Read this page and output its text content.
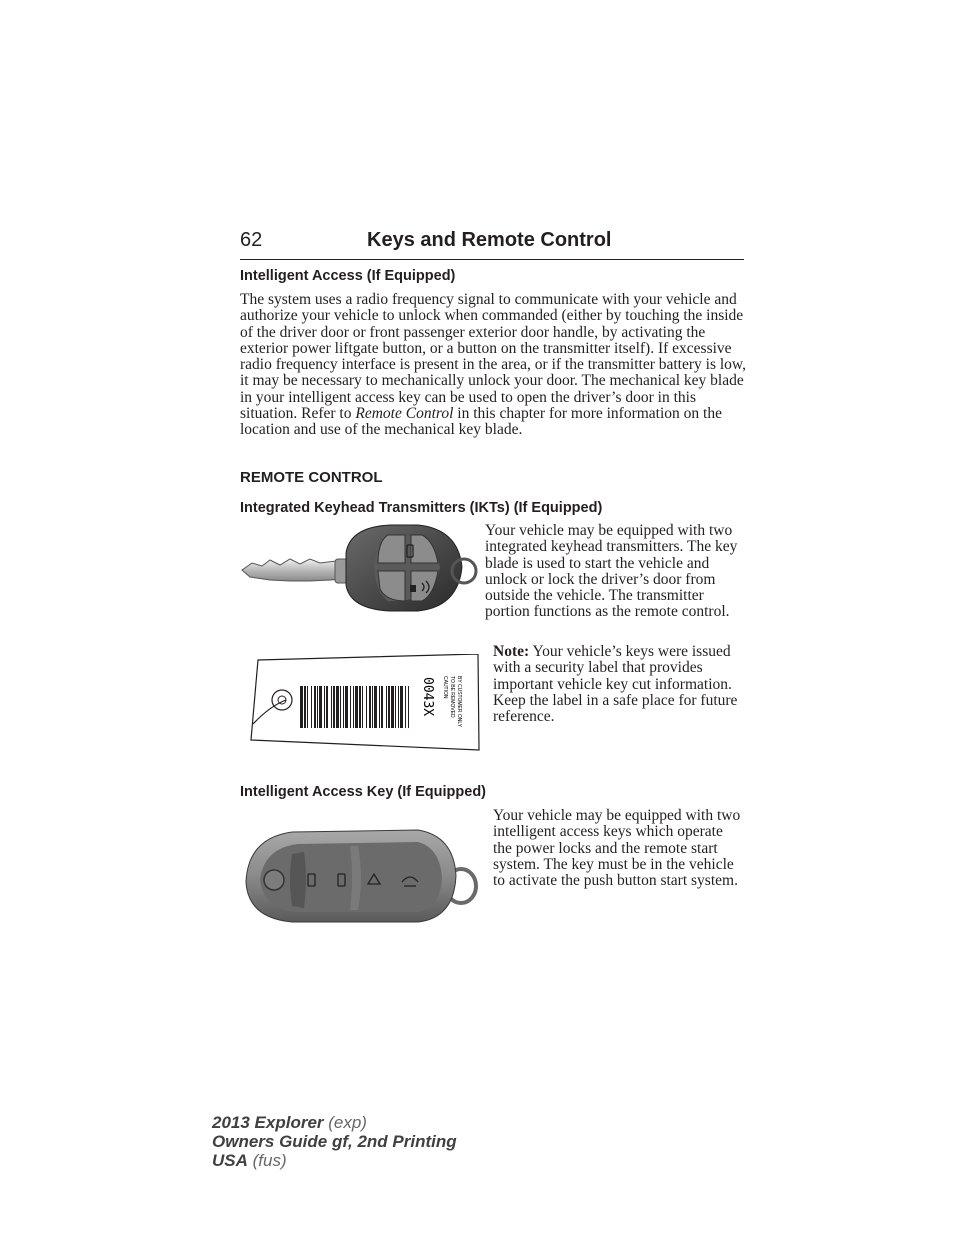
62	Keys and Remote Control
Intelligent Access (If Equipped)

The system uses a radio frequency signal to communicate with your vehicle and authorize your vehicle to unlock when commanded (either by touching the inside of the driver door or front passenger exterior door handle, by activating the exterior power liftgate button, or a button on the transmitter itself). If excessive radio frequency interface is present in the area, or if the transmitter battery is low, it may be necessary to mechanically unlock your door. The mechanical key blade in your intelligent access key can be used to open the driver’s door in this situation. Refer to Remote Control in this chapter for more information on the location and use of the mechanical key blade.

REMOTE CONTROL
Integrated Keyhead Transmitters (IKTs) (If Equipped)

Your vehicle may be equipped with two integrated keyhead transmitters. The key blade is used to start the vehicle and unlock or lock the driver’s door from outside the vehicle. The transmitter portion functions as the remote control.

0043X CAUTION TO BE REMOVED BY CUSTOMER ONLY

Note: Your vehicle’s keys were issued with a security label that provides important vehicle key cut information. Keep the label in a safe place for future reference.

Intelligent Access Key (If Equipped)

Your vehicle may be equipped with two intelligent access keys which operate the power locks and the remote start system. The key must be in the vehicle to activate the push button start system.

2013 Explorer (exp)
Owners Guide gf, 2nd Printing
USA (fus)
